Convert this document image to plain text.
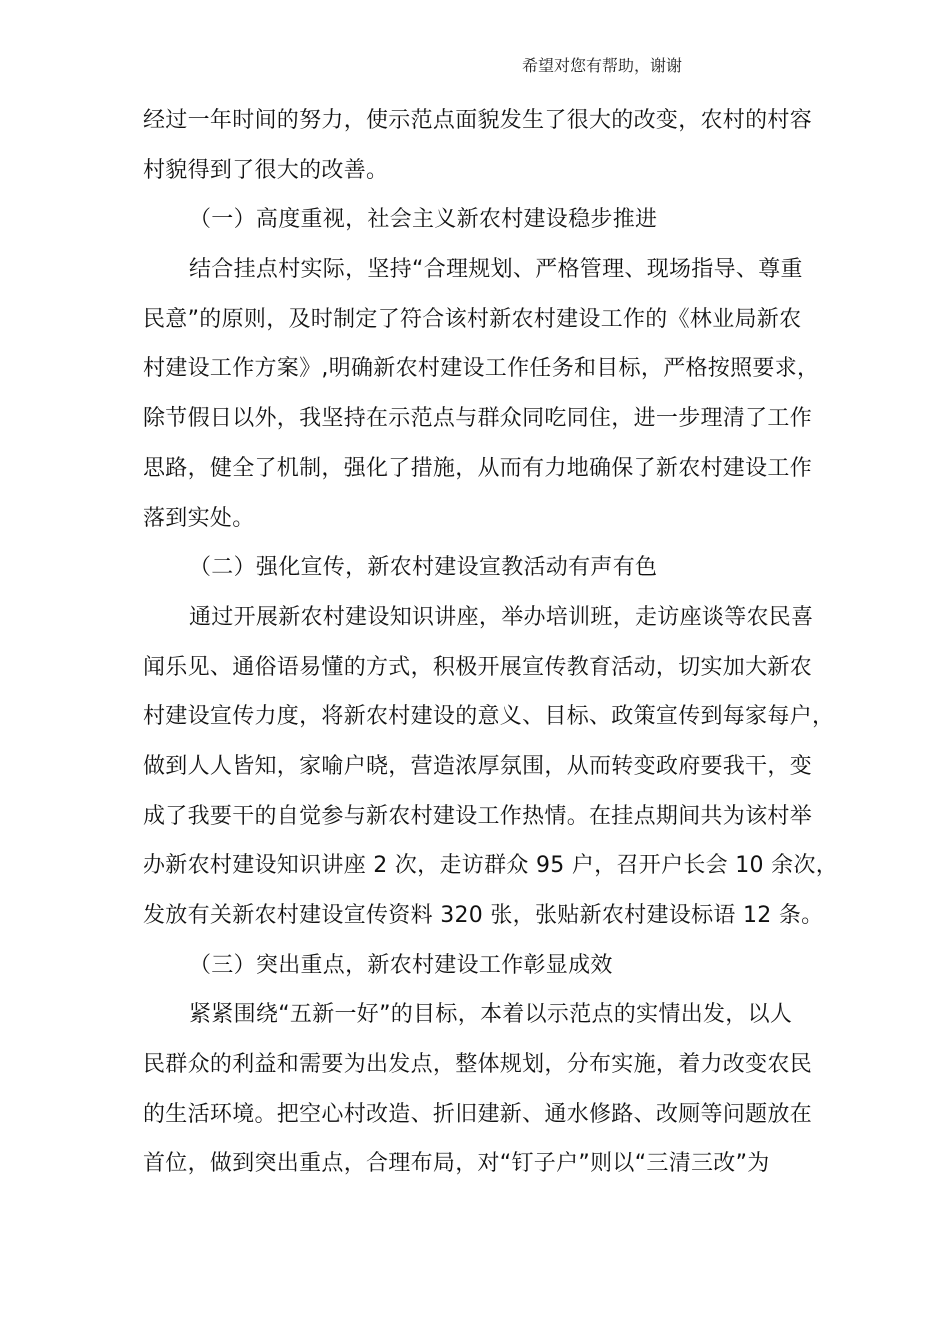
希望对您有帮助，谢谢
经过一年时间的努力，使示范点面貌发生了很大的改变，农村的村容
村貌得到了很大的改善。
（一）高度重视，社会主义新农村建设稳步推进
结合挂点村实际，坚持“合理规划、严格管理、现场指导、尊重
民意”的原则，及时制定了符合该村新农村建设工作的《林业局新农
村建设工作方案》,明确新农村建设工作任务和目标，严格按照要求，
除节假日以外，我坚持在示范点与群众同吃同住，进一步理清了工作
思路，健全了机制，强化了措施，从而有力地确保了新农村建设工作
落到实处。
（二）强化宣传，新农村建设宣教活动有声有色
通过开展新农村建设知识讲座，举办培训班，走访座谈等农民喜
闻乐见、通俗语易懂的方式，积极开展宣传教育活动，切实加大新农
村建设宣传力度，将新农村建设的意义、目标、政策宣传到每家每户，
做到人人皆知，家喻户晓，营造浓厚氛围，从而转变政府要我干，变
成了我要干的自觉参与新农村建设工作热情。在挂点期间共为该村举
办新农村建设知识讲座 2 次，走访群众 95 户，召开户长会 10 余次，
发放有关新农村建设宣传资料 320 张，张贴新农村建设标语 12 条。
（三）突出重点，新农村建设工作彰显成效
紧紧围绕“五新一好”的目标，本着以示范点的实情出发，以人
民群众的利益和需要为出发点，整体规划，分布实施，着力改变农民
的生活环境。把空心村改造、折旧建新、通水修路、改厕等问题放在
首位，做到突出重点，合理布局，对“钉子户”则以“三清三改”为
